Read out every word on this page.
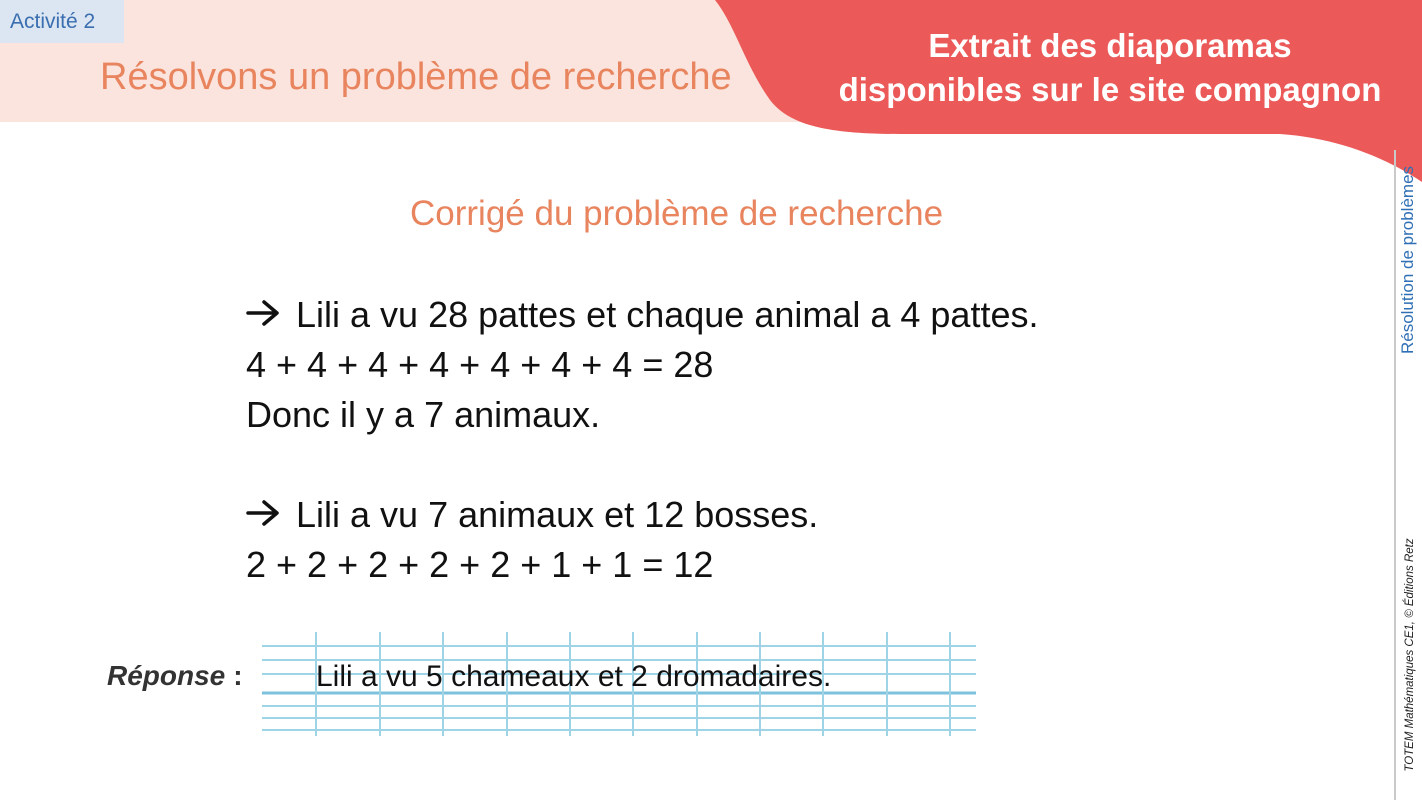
Activité 2
Résolvons un problème de recherche
Extrait des diaporamas
disponibles sur le site compagnon
Résolution de problèmes
TOTEM Mathématiques CE1, © Éditions Retz
Corrigé du problème de recherche
Lili a vu 28 pattes et chaque animal a 4 pattes.
4 + 4 + 4 + 4 + 4 + 4 + 4 = 28
Donc il y a 7 animaux.
Lili a vu 7 animaux et 12 bosses.
2 + 2 + 2 + 2 + 2 + 1 + 1 = 12
Réponse : Lili a vu 5 chameaux et 2 dromadaires.
